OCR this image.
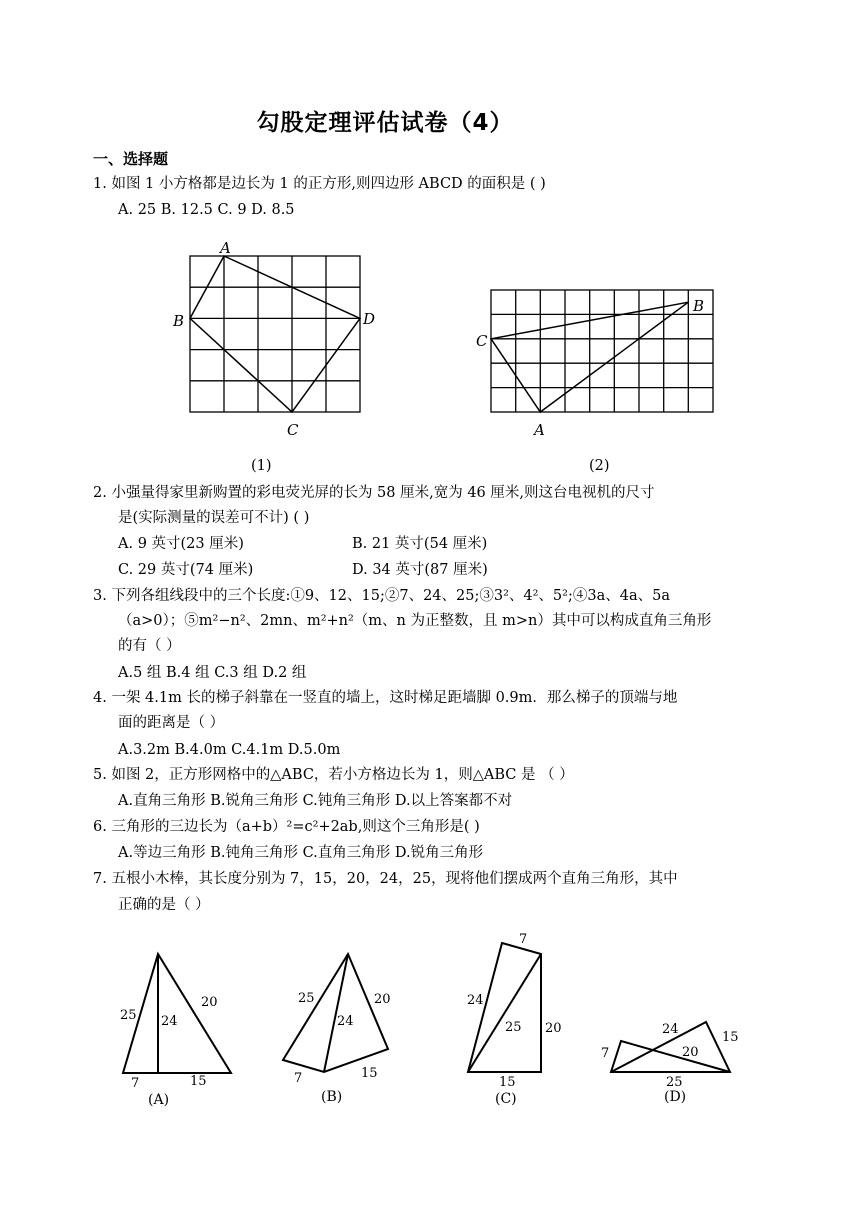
勾股定理评估试卷（4）
一、选择题
1. 如图 1 小方格都是边长为 1 的正方形,则四边形 ABCD 的面积是 ( )
A. 25 B. 12.5 C. 9 D. 8.5
A
B
C
D
(1)
C
B
A
(2)
2. 小强量得家里新购置的彩电荧光屏的长为 58 厘米,宽为 46 厘米,则这台电视机的尺寸
是(实际测量的误差可不计) ( )
A. 9 英寸(23 厘米)	B. 21 英寸(54 厘米)
C. 29 英寸(74 厘米)	D. 34 英寸(87 厘米)
3. 下列各组线段中的三个长度:①9、12、15;②7、24、25;③3²、4²、5²;④3a、4a、5a
（a>0）；⑤m²−n²、2mn、m²+n²（m、n 为正整数，且 m>n）其中可以构成直角三角形
的有（ ）
A.5 组 B.4 组 C.3 组 D.2 组
4. 一架 4.1m 长的梯子斜靠在一竖直的墙上，这时梯足距墙脚 0.9m．那么梯子的顶端与地
面的距离是（ ）
A.3.2m B.4.0m C.4.1m D.5.0m
5. 如图 2，正方形网格中的△ABC，若小方格边长为 1，则△ABC 是 （ ）
A.直角三角形 B.锐角三角形 C.钝角三角形 D.以上答案都不对
6. 三角形的三边长为（a+b）²=c²+2ab,则这个三角形是( )
A.等边三角形 B.钝角三角形 C.直角三角形 D.锐角三角形
7. 五根小木棒，其长度分别为 7，15，20，24，25，现将他们摆成两个直角三角形，其中
正确的是（ ）
25 24
20
7	15
(A)
25
24
20
7	15
(B)
7
24
25 20
15
(C)
24
15
7	20
25
(D)
